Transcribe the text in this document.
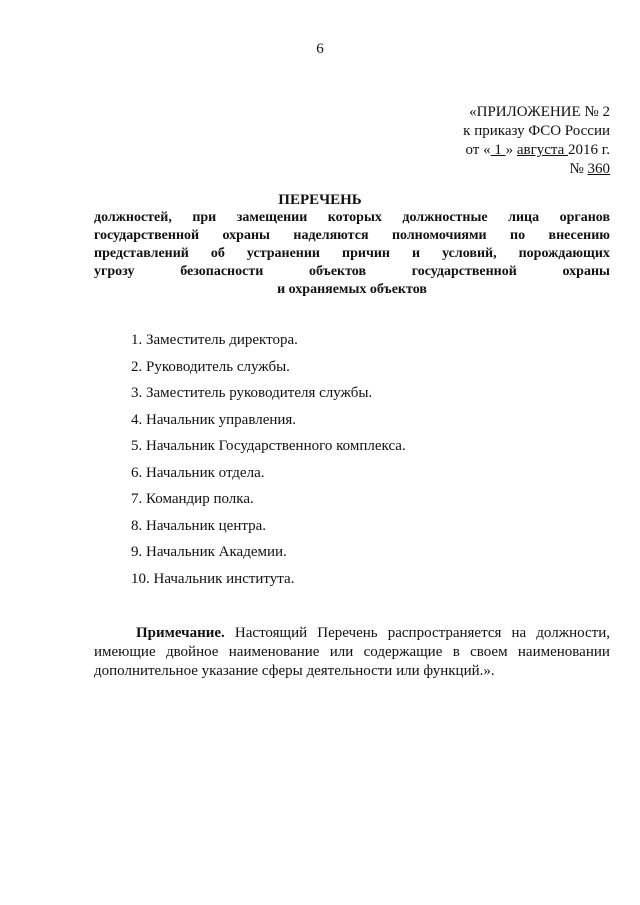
6
«ПРИЛОЖЕНИЕ № 2
к приказу ФСО России
от « 1 » августа 2016 г.
№ 360
ПЕРЕЧЕНЬ
должностей, при замещении которых должностные лица органов
государственной охраны наделяются полномочиями по внесению
представлений об устранении причин и условий, порождающих
угрозу	безопасности	объектов	государственной	охраны
и охраняемых объектов
1. Заместитель директора.
2. Руководитель службы.
3. Заместитель руководителя службы.
4. Начальник управления.
5. Начальник Государственного комплекса.
6. Начальник отдела.
7. Командир полка.
8. Начальник центра.
9. Начальник Академии.
10. Начальник института.
Примечание. Настоящий Перечень распространяется на должности,
имеющие двойное наименование или содержащие в своем наименовании
дополнительное указание сферы деятельности или функций.».
